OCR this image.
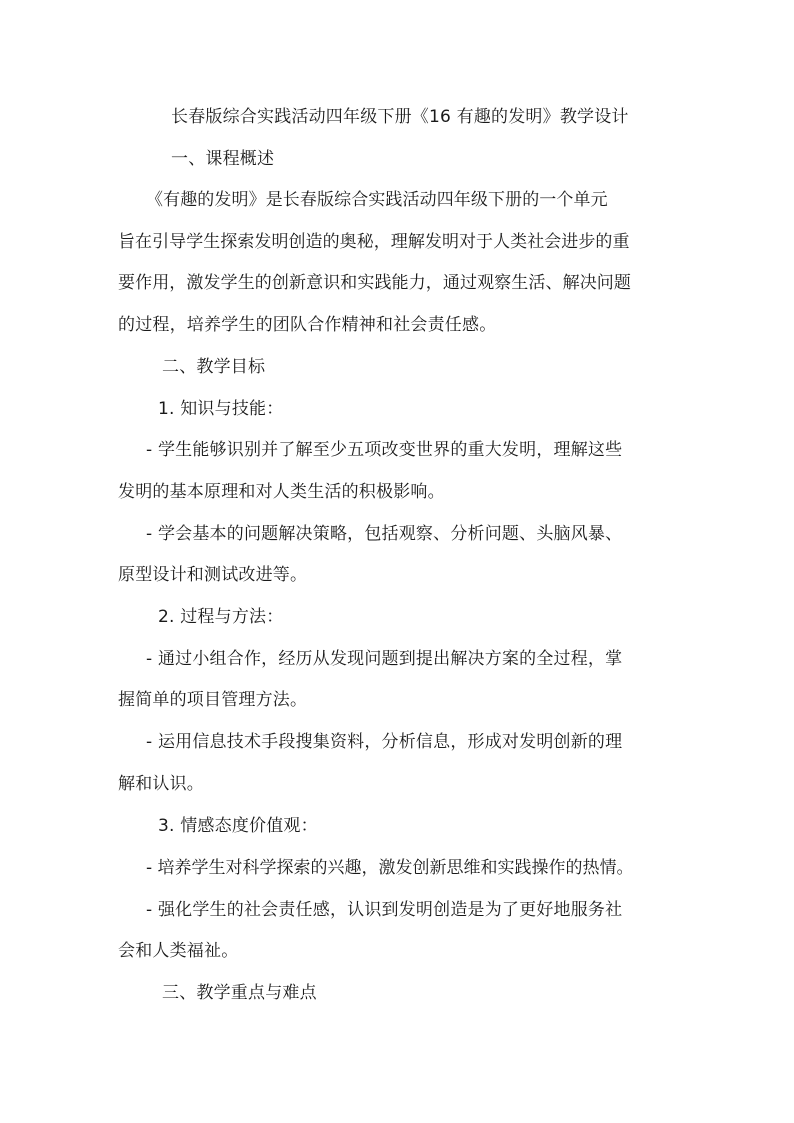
长春版综合实践活动四年级下册《16 有趣的发明》教学设计
一、课程概述
《有趣的发明》是长春版综合实践活动四年级下册的一个单元
旨在引导学生探索发明创造的奥秘，理解发明对于人类社会进步的重
要作用，激发学生的创新意识和实践能力，通过观察生活、解决问题
的过程，培养学生的团队合作精神和社会责任感。
二、教学目标
1. 知识与技能：
- 学生能够识别并了解至少五项改变世界的重大发明，理解这些
发明的基本原理和对人类生活的积极影响。
- 学会基本的问题解决策略，包括观察、分析问题、头脑风暴、
原型设计和测试改进等。
2. 过程与方法：
- 通过小组合作，经历从发现问题到提出解决方案的全过程，掌
握简单的项目管理方法。
- 运用信息技术手段搜集资料，分析信息，形成对发明创新的理
解和认识。
3. 情感态度价值观：
- 培养学生对科学探索的兴趣，激发创新思维和实践操作的热情。
- 强化学生的社会责任感，认识到发明创造是为了更好地服务社
会和人类福祉。
三、教学重点与难点
